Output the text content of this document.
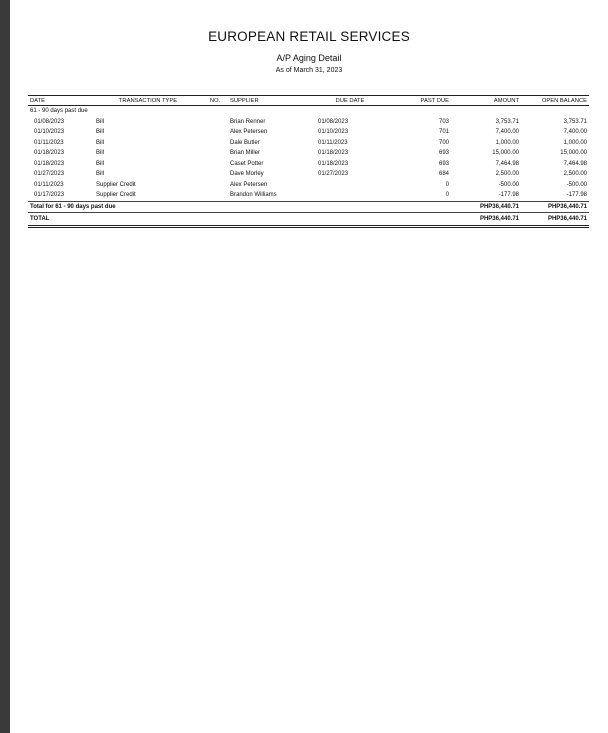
EUROPEAN RETAIL SERVICES
A/P Aging Detail
As of March 31, 2023
DATE	TRANSACTION TYPE	NO.	SUPPLIER	DUE DATE	PAST DUE	AMOUNT	OPEN BALANCE
61 - 90 days past due							
01/08/2023	Bill		Brian Renner	01/08/2023	703	3,753.71	3,753.71
01/10/2023	Bill		Alex Petersen	01/10/2023	701	7,400.00	7,400.00
01/11/2023	Bill		Dale Butler	01/11/2023	700	1,000.00	1,000.00
01/18/2023	Bill		Brian Miller	01/18/2023	693	15,000.00	15,000.00
01/18/2023	Bill		Caset Potter	01/18/2023	693	7,464.98	7,464.98
01/27/2023	Bill		Dave Morley	01/27/2023	684	2,500.00	2,500.00
01/11/2023	Supplier Credit		Alex Petersen		0	-500.00	-500.00
01/17/2023	Supplier Credit		Brandon Williams		0	-177.98	-177.98
Total for 61 - 90 days past due						PHP36,440.71	PHP36,440.71
TOTAL						PHP36,440.71	PHP36,440.71
